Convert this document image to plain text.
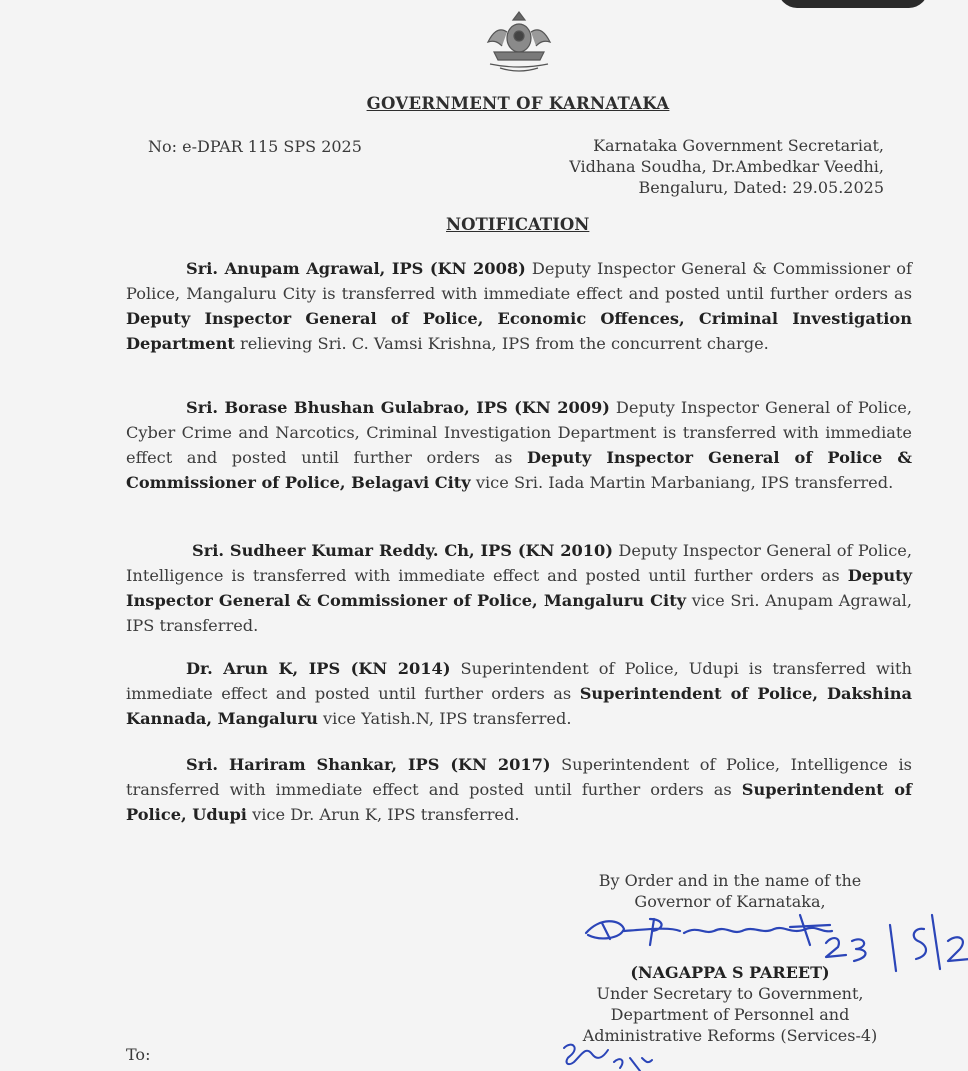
GOVERNMENT OF KARNATAKA
No: e-DPAR 115 SPS 2025	Karnataka Government Secretariat,
Vidhana Soudha, Dr.Ambedkar Veedhi,
Bengaluru, Dated: 29.05.2025
NOTIFICATION
Sri. Anupam Agrawal, IPS (KN 2008) Deputy Inspector General & Commissioner of Police, Mangaluru City is transferred with immediate effect and posted until further orders as Deputy Inspector General of Police, Economic Offences, Criminal Investigation Department relieving Sri. C. Vamsi Krishna, IPS from the concurrent charge.
Sri. Borase Bhushan Gulabrao, IPS (KN 2009) Deputy Inspector General of Police, Cyber Crime and Narcotics, Criminal Investigation Department is transferred with immediate effect and posted until further orders as Deputy Inspector General of Police & Commissioner of Police, Belagavi City vice Sri. Iada Martin Marbaniang, IPS transferred.
Sri. Sudheer Kumar Reddy. Ch, IPS (KN 2010) Deputy Inspector General of Police, Intelligence is transferred with immediate effect and posted until further orders as Deputy Inspector General & Commissioner of Police, Mangaluru City vice Sri. Anupam Agrawal, IPS transferred.
Dr. Arun K, IPS (KN 2014) Superintendent of Police, Udupi is transferred with immediate effect and posted until further orders as Superintendent of Police, Dakshina Kannada, Mangaluru vice Yatish.N, IPS transferred.
Sri. Hariram Shankar, IPS (KN 2017) Superintendent of Police, Intelligence is transferred with immediate effect and posted until further orders as Superintendent of Police, Udupi vice Dr. Arun K, IPS transferred.
By Order and in the name of the
Governor of Karnataka,
(NAGAPPA S PAREET)
Under Secretary to Government,
Department of Personnel and
Administrative Reforms (Services-4)
To:
